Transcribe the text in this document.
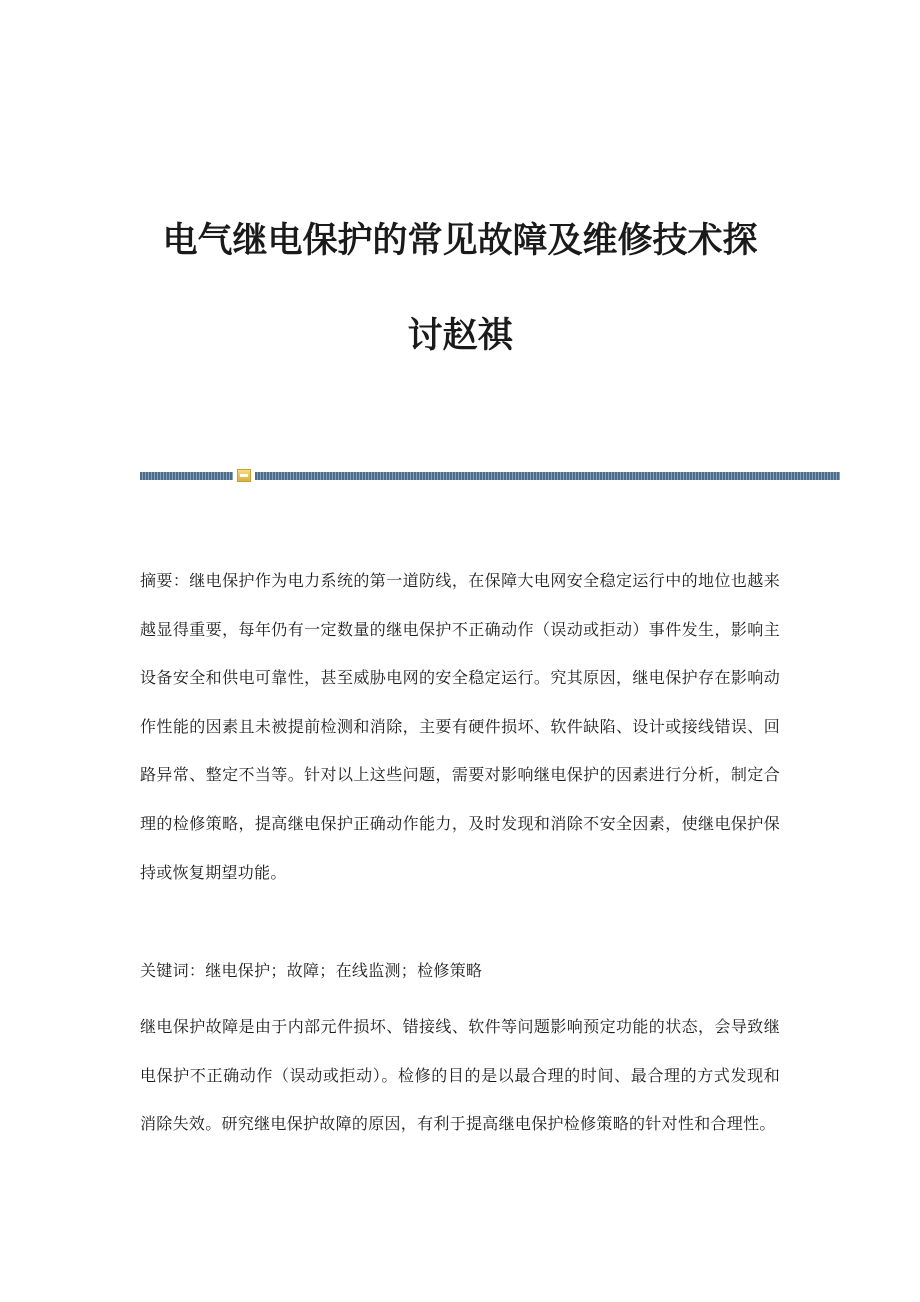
电气继电保护的常见故障及维修技术探
讨赵祺

摘要：继电保护作为电力系统的第一道防线，在保障大电网安全稳定运行中的地位也越来越显得重要，每年仍有一定数量的继电保护不正确动作（误动或拒动）事件发生，影响主设备安全和供电可靠性，甚至威胁电网的安全稳定运行。究其原因，继电保护存在影响动作性能的因素且未被提前检测和消除，主要有硬件损坏、软件缺陷、设计或接线错误、回路异常、整定不当等。针对以上这些问题，需要对影响继电保护的因素进行分析，制定合理的检修策略，提高继电保护正确动作能力，及时发现和消除不安全因素，使继电保护保持或恢复期望功能。

关键词：继电保护；故障；在线监测；检修策略

继电保护故障是由于内部元件损坏、错接线、软件等问题影响预定功能的状态，会导致继电保护不正确动作（误动或拒动）。检修的目的是以最合理的时间、最合理的方式发现和消除失效。研究继电保护故障的原因，有利于提高继电保护检修策略的针对性和合理性。
